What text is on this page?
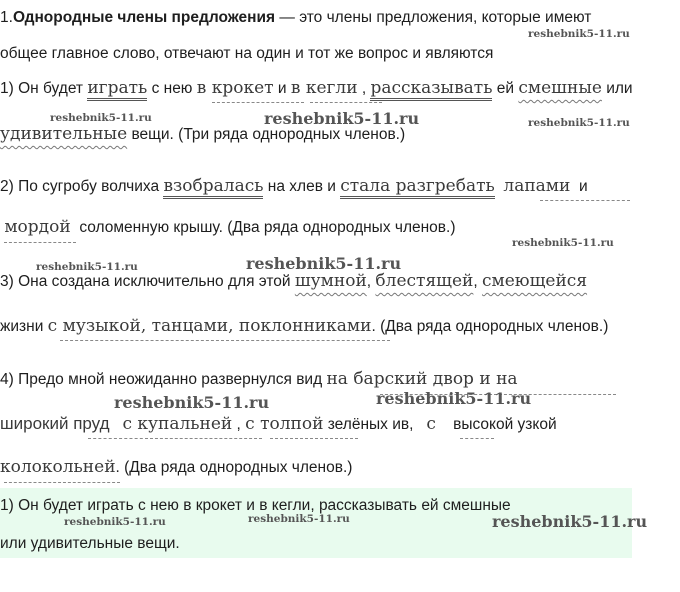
1.Однородные члены предложения — это члены предложения, которые имеют
общее главное слово, отвечают на один и тот же вопрос и являются
1) Он будет играть с нею в крокет и в кегли , рассказывать ей смешные или
удивительные вещи. (Три ряда однородных членов.)
2) По сугробу волчиха взобралась на хлев и стала разгребать лапами и
мордой соломенную крышу. (Два ряда однородных членов.)
3) Она создана исключительно для этой шумной, блестящей, смеющейся
жизни с музыкой, танцами, поклонниками. (Два ряда однородных членов.)
4) Предо мной неожиданно развернулся вид на барский двор и на
широкий пруд с купальней , с толпой зелёных ив, с высокой узкой
колокольней. (Два ряда однородных членов.)
1) Он будет играть с нею в крокет и в кегли, рассказывать ей смешные
или удивительные вещи.
reshebnik5-11.ru
reshebnik5-11.ru	reshebnik5-11.ru	reshebnik5-11.ru
reshebnik5-11.ru
reshebnik5-11.ru	reshebnik5-11.ru
reshebnik5-11.ru	reshebnik5-11.ru
reshebnik5-11.ru	reshebnik5-11.ru	reshebnik5-11.ru
